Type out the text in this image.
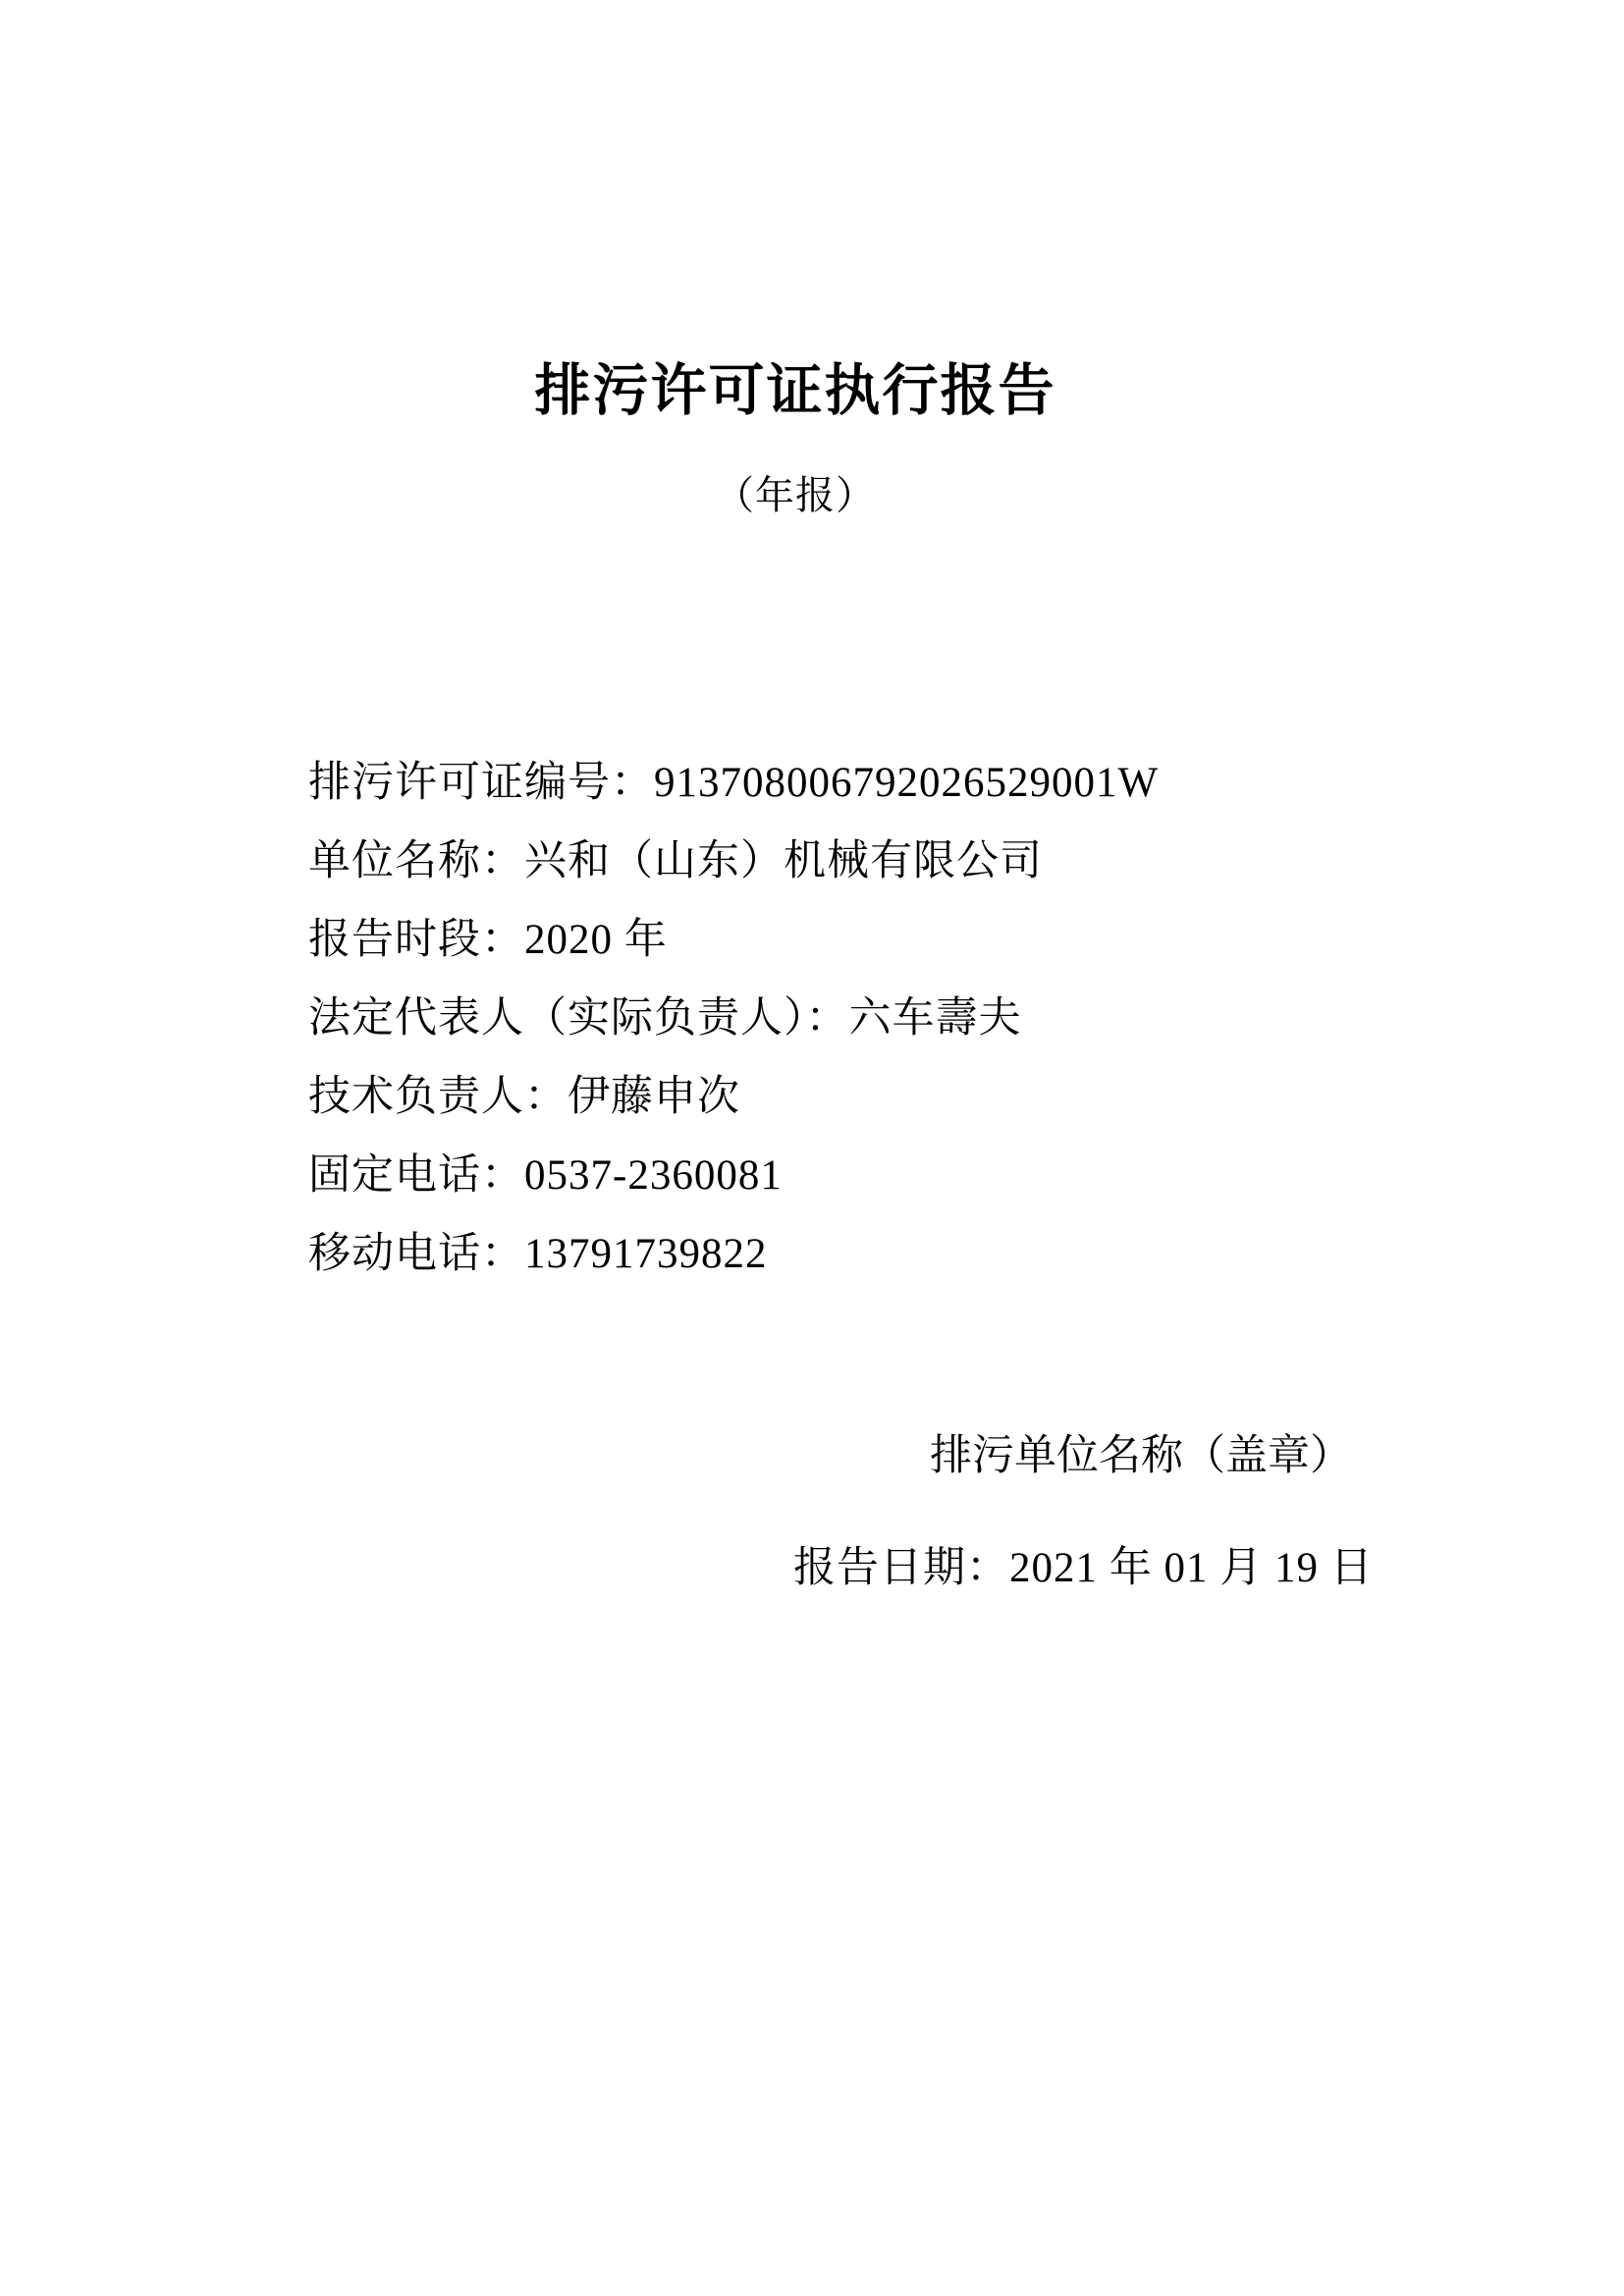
排污许可证执行报告
（年报）
排污许可证编号：913708006792026529001W
单位名称：兴和（山东）机械有限公司
报告时段：2020 年
法定代表人（实际负责人）：六车壽夫
技术负责人：伊藤申次
固定电话：0537-2360081
移动电话：13791739822
排污单位名称（盖章）
报告日期：2021 年 01 月 19 日
